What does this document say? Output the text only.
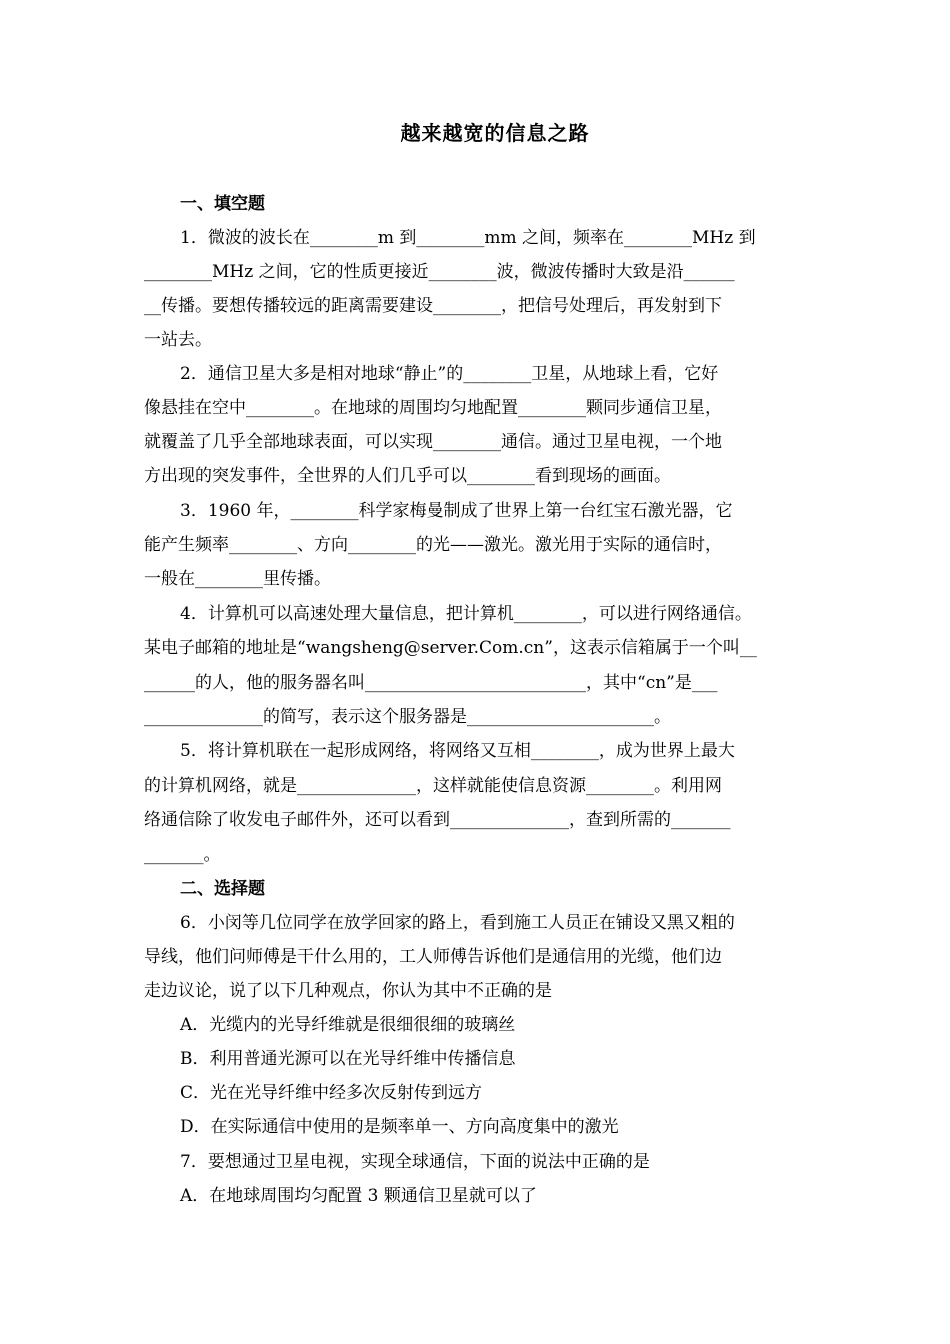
越来越宽的信息之路
一、填空题
1．微波的波长在________m 到________mm 之间，频率在________MHz 到
________MHz 之间，它的性质更接近________波，微波传播时大致是沿______
__传播。要想传播较远的距离需要建设________，把信号处理后，再发射到下
一站去。
2．通信卫星大多是相对地球“静止”的________卫星，从地球上看，它好
像悬挂在空中________。在地球的周围均匀地配置________颗同步通信卫星，
就覆盖了几乎全部地球表面，可以实现________通信。通过卫星电视，一个地
方出现的突发事件，全世界的人们几乎可以________看到现场的画面。
3．1960 年，________科学家梅曼制成了世界上第一台红宝石激光器，它
能产生频率________、方向________的光——激光。激光用于实际的通信时，
一般在________里传播。
4．计算机可以高速处理大量信息，把计算机________，可以进行网络通信。
某电子邮箱的地址是“wangsheng@server.Com.cn”，这表示信箱属于一个叫__
______的人，他的服务器名叫__________________________，其中“cn”是___
______________的简写，表示这个服务器是______________________。
5．将计算机联在一起形成网络，将网络又互相________，成为世界上最大
的计算机网络，就是______________，这样就能使信息资源________。利用网
络通信除了收发电子邮件外，还可以看到______________，查到所需的_______
_______。
二、选择题
6．小闵等几位同学在放学回家的路上，看到施工人员正在铺设又黑又粗的
导线，他们问师傅是干什么用的，工人师傅告诉他们是通信用的光缆，他们边
走边议论，说了以下几种观点，你认为其中不正确的是
A．光缆内的光导纤维就是很细很细的玻璃丝
B．利用普通光源可以在光导纤维中传播信息
C．光在光导纤维中经多次反射传到远方
D．在实际通信中使用的是频率单一、方向高度集中的激光
7．要想通过卫星电视，实现全球通信，下面的说法中正确的是
A．在地球周围均匀配置 3 颗通信卫星就可以了
